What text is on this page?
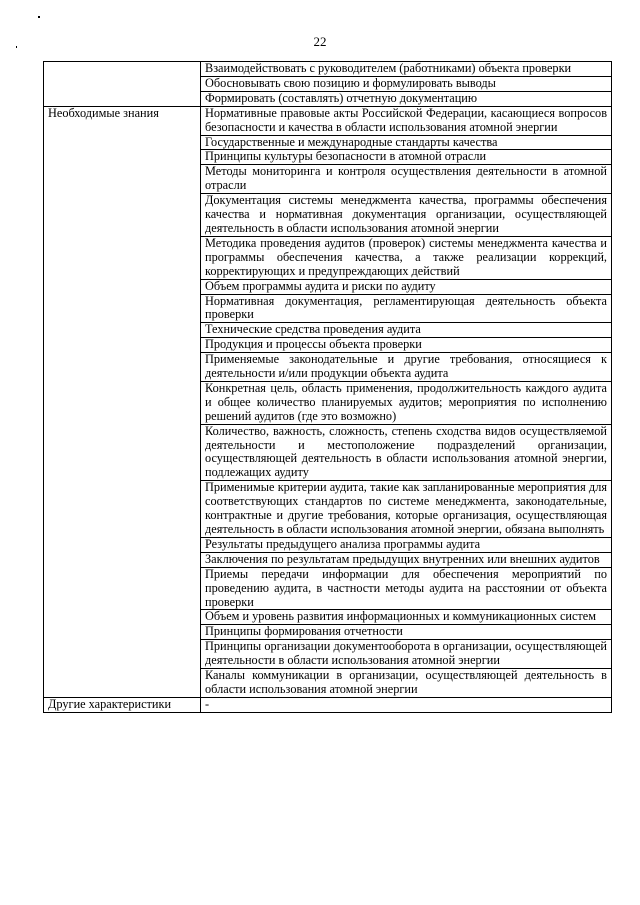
22
	Взаимодействовать с руководителем (работниками) объекта проверки
	Обосновывать свою позицию и формулировать выводы
	Формировать (составлять) отчетную документацию
Необходимые знания	Нормативные правовые акты Российской Федерации, касающиеся вопросов безопасности и качества в области использования атомной энергии
	Государственные и международные стандарты качества
	Принципы культуры безопасности в атомной отрасли
	Методы мониторинга и контроля осуществления деятельности в атомной отрасли
	Документация системы менеджмента качества, программы обеспечения качества и нормативная документация организации, осуществляющей деятельность в области использования атомной энергии
	Методика проведения аудитов (проверок) системы менеджмента качества и программы обеспечения качества, а также реализации коррекций, корректирующих и предупреждающих действий
	Объем программы аудита и риски по аудиту
	Нормативная документация, регламентирующая деятельность объекта проверки
	Технические средства проведения аудита
	Продукция и процессы объекта проверки
	Применяемые законодательные и другие требования, относящиеся к деятельности и/или продукции объекта аудита
	Конкретная цель, область применения, продолжительность каждого аудита и общее количество планируемых аудитов; мероприятия по исполнению решений аудитов (где это возможно)
	Количество, важность, сложность, степень сходства видов осуществляемой деятельности и местоположение подразделений организации, осуществляющей деятельность в области использования атомной энергии, подлежащих аудиту
	Применимые критерии аудита, такие как запланированные мероприятия для соответствующих стандартов по системе менеджмента, законодательные, контрактные и другие требования, которые организация, осуществляющая деятельность в области использования атомной энергии, обязана выполнять
	Результаты предыдущего анализа программы аудита
	Заключения по результатам предыдущих внутренних или внешних аудитов
	Приемы передачи информации для обеспечения мероприятий по проведению аудита, в частности методы аудита на расстоянии от объекта проверки
	Объем и уровень развития информационных и коммуникационных систем
	Принципы формирования отчетности
	Принципы организации документооборота в организации, осуществляющей деятельности в области использования атомной энергии
	Каналы коммуникации в организации, осуществляющей деятельность в области использования атомной энергии
Другие характеристики	-
